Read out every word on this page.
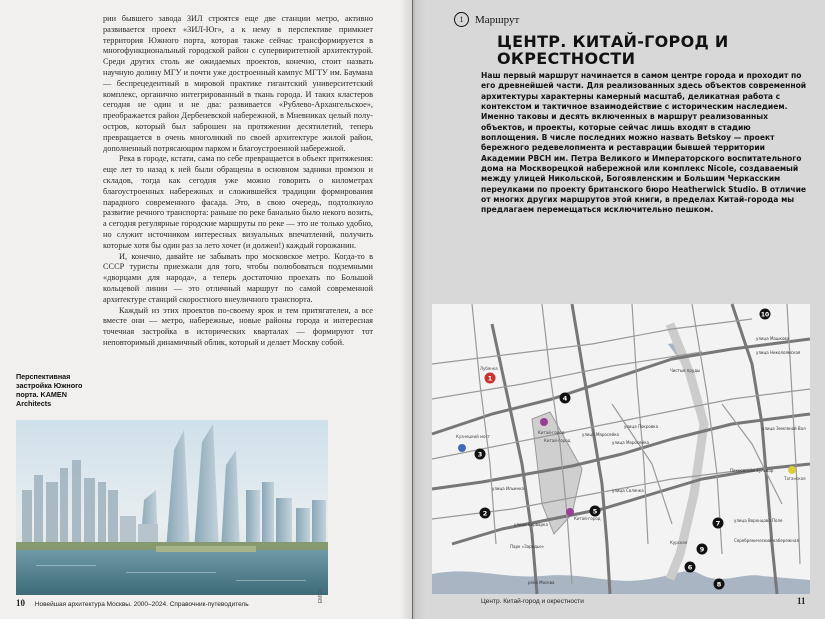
рии бывшего завода ЗИЛ строятся еще две станции метро, активно развивается проект «ЗИЛ-Юг», а к нему в перспективе примкнет территория Южного порта, которая также сейчас трансформируется в многофункциональный городской район с супервиритетной архитектурой. Среди других столь же ожидаемых проектов, конечно, стоит назвать научную долину МГУ и почти уже достроенный кампус МГТУ им. Баумана — беспрецедентный в мировой практике гигантский университетский комплекс, органично интегрированный в ткань города. И таких кластеров сегодня не один и не два: развивается «Рублево-Архангельское», преображается район Дербеневской набережной, в Мневниках целый полуостров, который был заброшен на протяжении десятилетий, теперь превращается в очень многоликий по своей архитектуре жилой район, дополненный потрясающим парком и благоустроенной набережной.

Река в городе, кстати, сама по себе превращается в объект притяжения: еще лет то назад к ней были обращены в основном задники промзон и складов, тогда как сегодня уже можно говорить о километрах благоустроенных набережных и сложившейся традиции формирования парадного современного фасада. Это, в свою очередь, подтолкнуло развитие речного транспорта: раньше по реке банально было некого возить, а сегодня регулярные городские маршруты по реке — это не только удобно, но служит источником интересных визуальных впечатлений, получить которые хотя бы один раз за лето хочет (и должен!) каждый горожанин.

И, конечно, давайте не забывать про московское метро. Когда-то в СССР туристы приезжали для того, чтобы полюбоваться подземными «дворцами для народа», а теперь достаточно проехать по Большой кольцевой линии — это отличный маршрут по самой современной архитектуре станций скоростного внеуличного транспорта.

Каждый из этих проектов по-своему ярок и тем притягателен, а все вместе они — метро, набережные, новые районы города и интересная точечная застройка в исторических кварталах — формируют тот неповторимый динамичный облик, который и делает Москву собой.

Перспективная застройка Южного порта. KAMEN Architects
EMEA
10 Новейшая архитектура Москвы. 2000–2024. Справочник-путеводитель
1	Маршрут
ЦЕНТР. КИТАЙ-ГОРОД И ОКРЕСТНОСТИ
Наш первый маршрут начинается в самом центре города и проходит по его древнейшей части. Для реализованных здесь объектов современной архитектуры характерны камерный масштаб, деликатная работа с контекстом и тактичное взаимодействие с историческим наследием. Именно таковы и десять включенных в маршрут реализованных объектов, и проекты, которые сейчас лишь входят в стадию воплощения. В числе последних можно назвать Betskoy — проект бережного редевелопмента и реставрации бывшей территории Академии РВСН им. Петра Великого и Императорского воспитательного дома на Москворецкой набережной или комплекс Nicole, создаваемый между улицей Никольской, Богоявленским и Большим Черкасским переулками по проекту британского бюро Heatherwick Studio. В отличие от многих других маршрутов этой книги, в пределах Китай-города мы предлагаем перемещаться исключительно пешком.
1
2
3
4
5
6
7
8
9
10
Лубянка
Китай-город
Китай-город
Кузнецкий мост
Китай-город
Курская
Таганская
улица Маросейка
улица Покровка
улица Маросейка
улица Солянка
улица Ильинка
улица Варварка
Покровский бульвар
улица Земляной Вал
улица Воронцово Поле
Серебрянический набережная
улица Машкова
Чистые пруды
Парк «Зарядье»
река Москва
улица Николоямская
Центр. Китай-город и окрестности	11
